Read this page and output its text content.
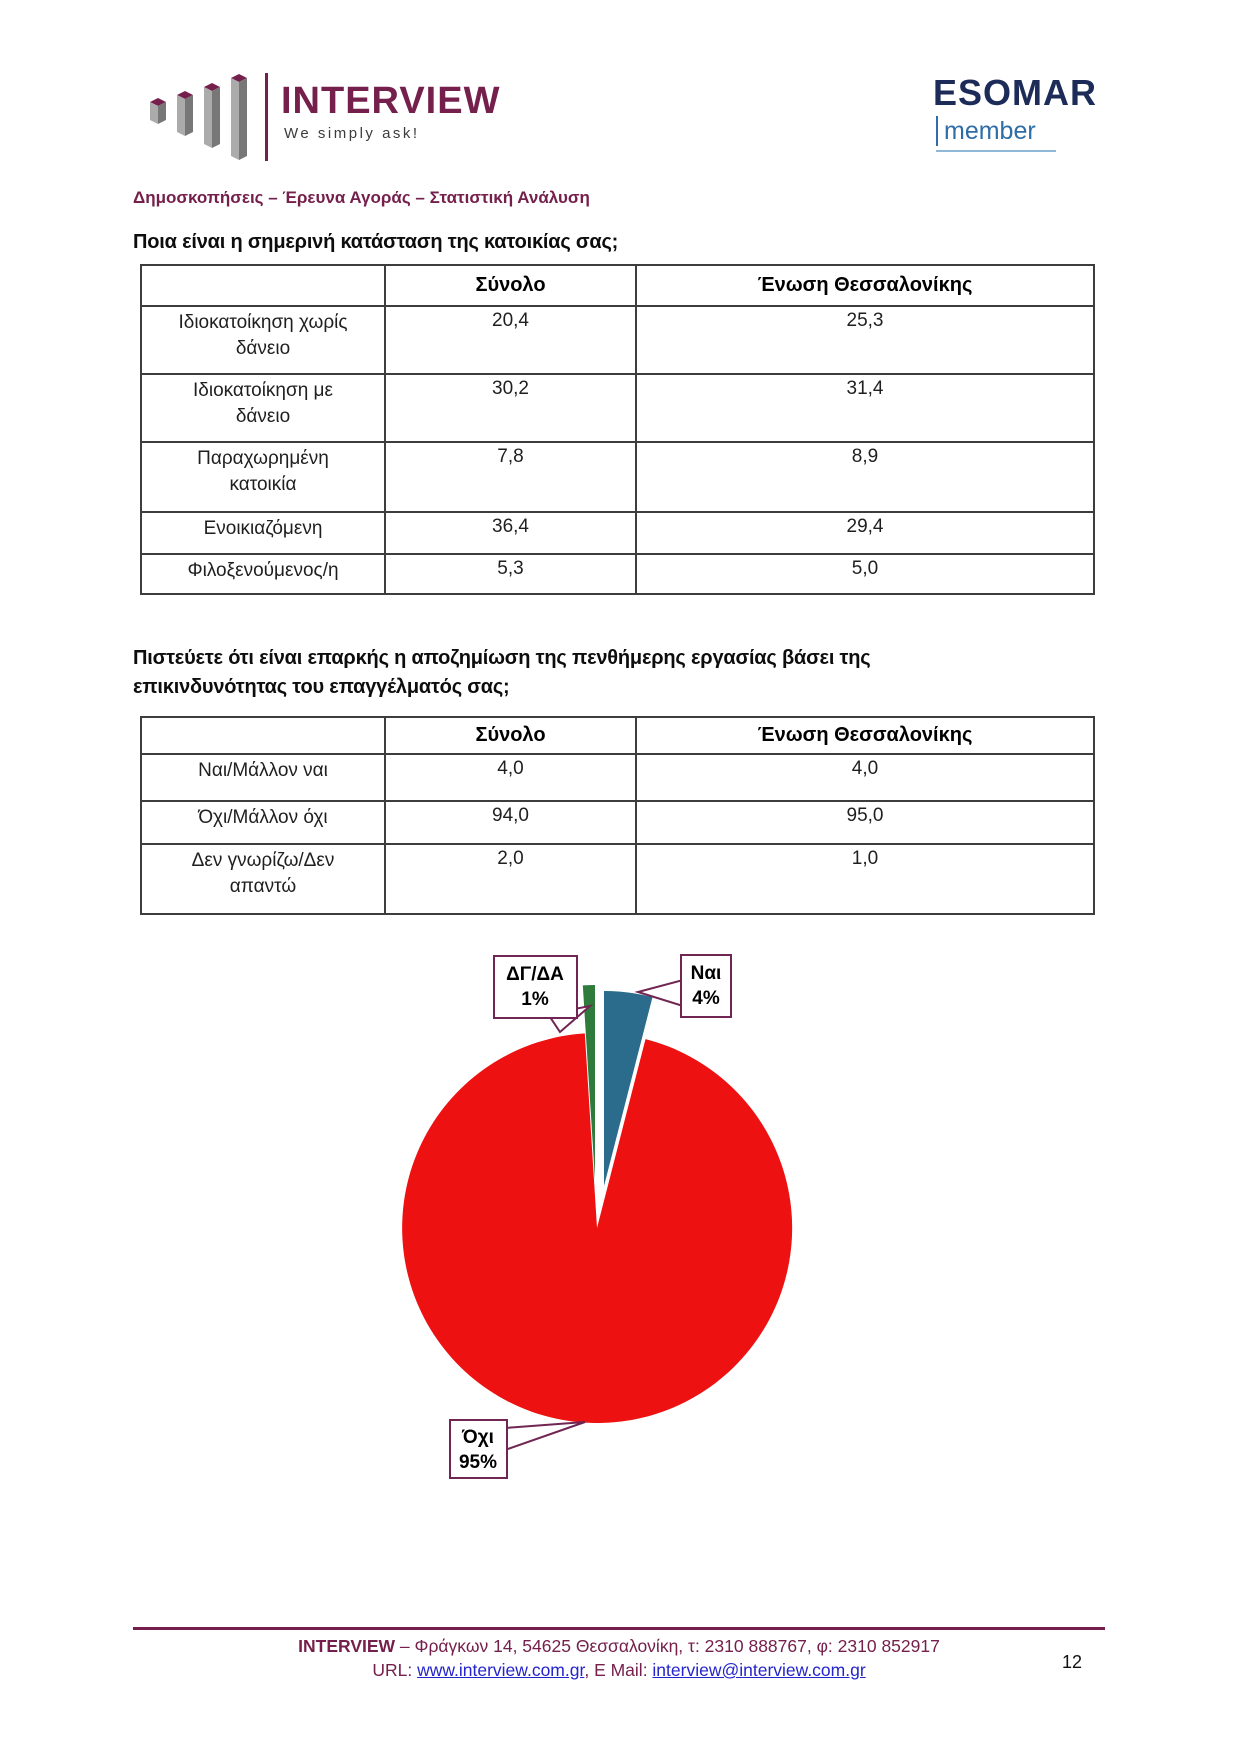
INTERVIEW
We simply ask!
ESOMAR
member
Δημοσκοπήσεις – Έρευνα Αγοράς – Στατιστική Ανάλυση
Ποια είναι η σημερινή κατάσταση της κατοικίας σας;
	Σύνολο	Ένωση Θεσσαλονίκης
Ιδιοκατοίκηση χωρίς δάνειο	20,4	25,3
Ιδιοκατοίκηση με δάνειο	30,2	31,4
Παραχωρημένη κατοικία	7,8	8,9
Ενοικιαζόμενη	36,4	29,4
Φιλοξενούμενος/η	5,3	5,0
Πιστεύετε ότι είναι επαρκής η αποζημίωση της πενθήμερης εργασίας βάσει της επικινδυνότητας του επαγγέλματός σας;
	Σύνολο	Ένωση Θεσσαλονίκης
Ναι/Μάλλον ναι	4,0	4,0
Όχι/Μάλλον όχι	94,0	95,0
Δεν γνωρίζω/Δεν απαντώ	2,0	1,0
ΔΓ/ΔΑ
1%
Ναι
4%
Όχι
95%
INTERVIEW – Φράγκων 14, 54625 Θεσσαλονίκη, τ: 2310 888767, φ: 2310 852917
URL: www.interview.com.gr, E Mail: interview@interview.com.gr	12
